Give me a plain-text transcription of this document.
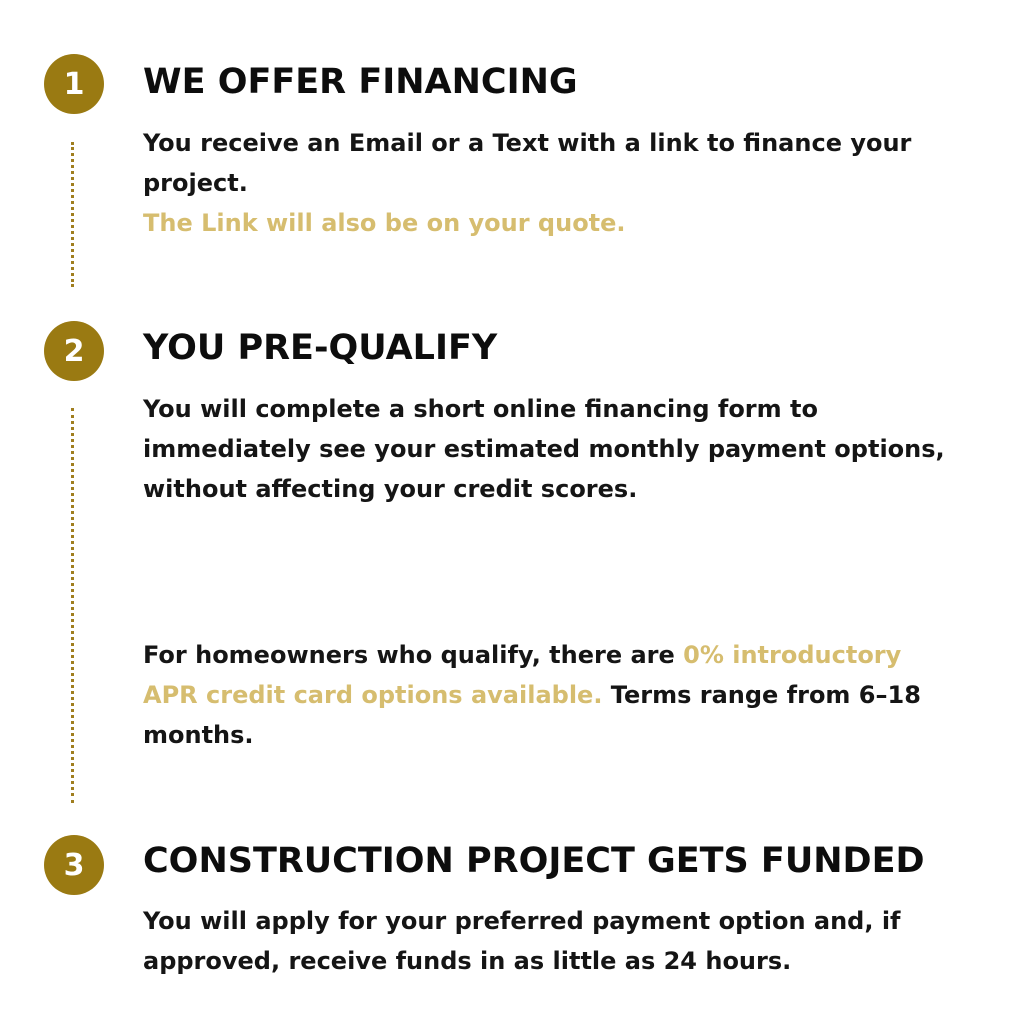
1	WE OFFER FINANCING

You receive an Email or a Text with a link to finance your project.
The Link will also be on your quote.

2	YOU PRE-QUALIFY

You will complete a short online financing form to immediately see your estimated monthly payment options, without affecting your credit scores.

For homeowners who qualify, there are 0% introductory APR credit card options available. Terms range from 6–18 months.

3	CONSTRUCTION PROJECT GETS FUNDED

You will apply for your preferred payment option and, if approved, receive funds in as little as 24 hours.
